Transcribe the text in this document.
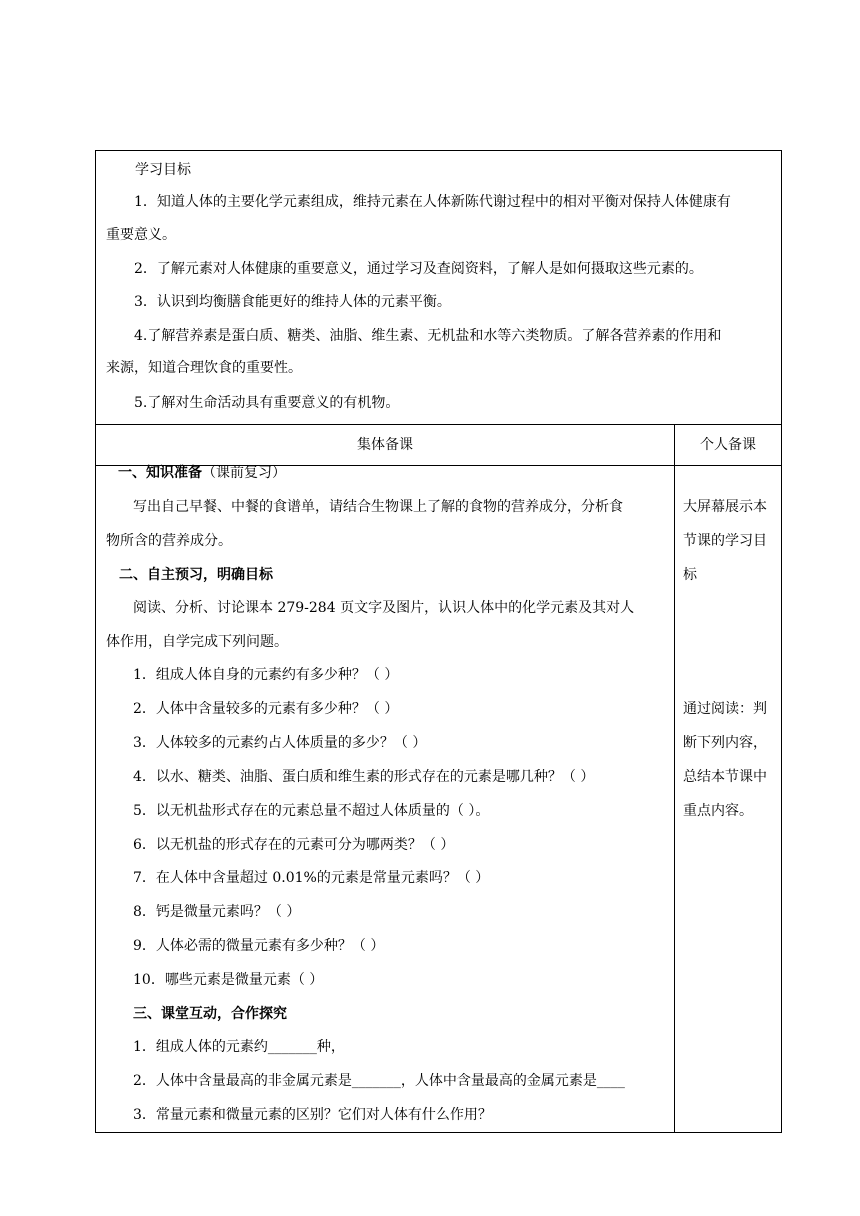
学习目标
1．知道人体的主要化学元素组成，维持元素在人体新陈代谢过程中的相对平衡对保持人体健康有
重要意义。
2．了解元素对人体健康的重要意义，通过学习及查阅资料，了解人是如何摄取这些元素的。
3．认识到均衡膳食能更好的维持人体的元素平衡。
4.了解营养素是蛋白质、糖类、油脂、维生素、无机盐和水等六类物质。了解各营养素的作用和
来源，知道合理饮食的重要性。
5.了解对生命活动具有重要意义的有机物。
集体备课	个人备课
一、知识准备（课前复习）
写出自己早餐、中餐的食谱单，请结合生物课上了解的食物的营养成分，分析食
物所含的营养成分。
二、自主预习，明确目标
阅读、分析、讨论课本 279-284 页文字及图片，认识人体中的化学元素及其对人
体作用，自学完成下列问题。
1．组成人体自身的元素约有多少种？（ ）
2．人体中含量较多的元素有多少种？（ ）
3．人体较多的元素约占人体质量的多少？（ ）
4．以水、糖类、油脂、蛋白质和维生素的形式存在的元素是哪几种？（ ）
5．以无机盐形式存在的元素总量不超过人体质量的（ ）。
6．以无机盐的形式存在的元素可分为哪两类？（ ）
7．在人体中含量超过 0.01%的元素是常量元素吗？（ ）
8．钙是微量元素吗？（ ）
9．人体必需的微量元素有多少种？（ ）
10．哪些元素是微量元素（ ）
三、课堂互动，合作探究
1．组成人体的元素约_______种，
2．人体中含量最高的非金属元素是_______，人体中含量最高的金属元素是____
3．常量元素和微量元素的区别？它们对人体有什么作用？
大屏幕展示本
节课的学习目
标
通过阅读：判
断下列内容，
总结本节课中
重点内容。
